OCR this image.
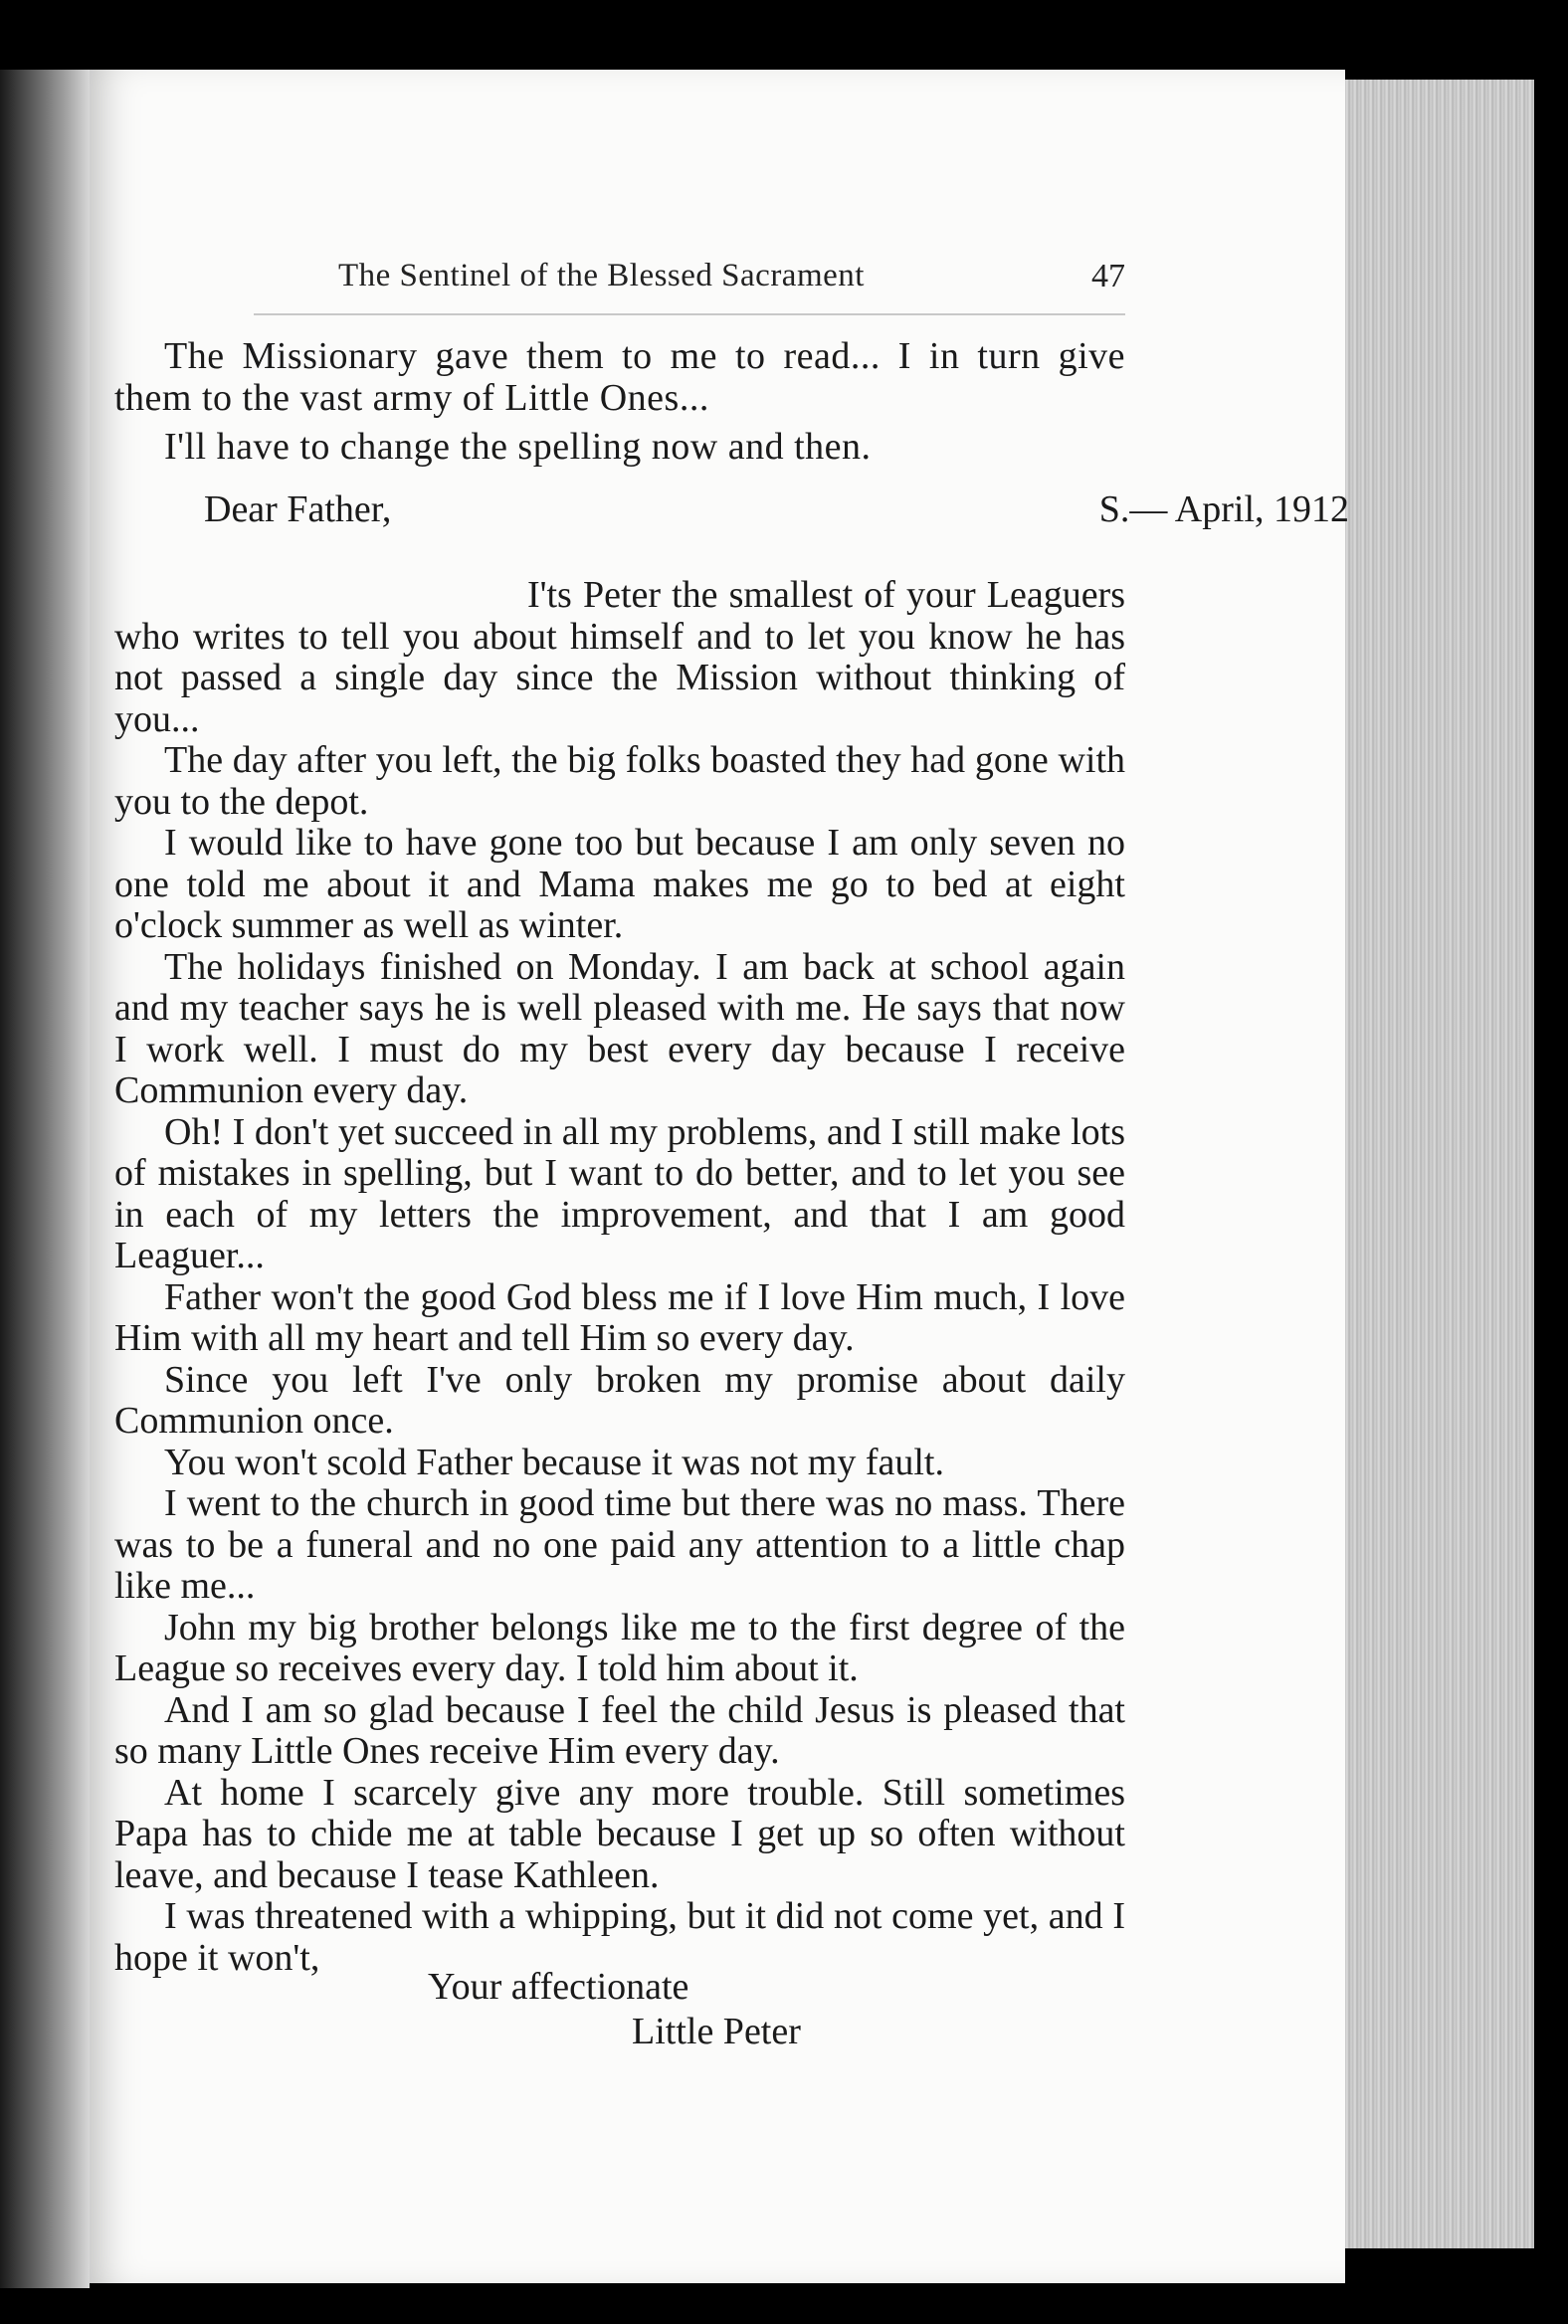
The Sentinel of the Blessed Sacrament	47

The Missionary gave them to me to read... I in turn give them to the vast army of Little Ones...

I'll have to change the spelling now and then.

Dear Father,	S.— April, 1912

I'ts Peter the smallest of your Leaguers who writes to tell you about himself and to let you know he has not passed a single day since the Mission without thinking of you...

The day after you left, the big folks boasted they had gone with you to the depot.

I would like to have gone too but because I am only seven no one told me about it and Mama makes me go to bed at eight o'clock summer as well as winter.

The holidays finished on Monday. I am back at school again and my teacher says he is well pleased with me. He says that now I work well. I must do my best every day because I receive Communion every day.

Oh! I don't yet succeed in all my problems, and I still make lots of mistakes in spelling, but I want to do better, and to let you see in each of my letters the improvement, and that I am good Leaguer...

Father won't the good God bless me if I love Him much, I love Him with all my heart and tell Him so every day.

Since you left I've only broken my promise about daily Communion once.

You won't scold Father because it was not my fault.

I went to the church in good time but there was no mass. There was to be a funeral and no one paid any attention to a little chap like me...

John my big brother belongs like me to the first degree of the League so receives every day. I told him about it.

And I am so glad because I feel the child Jesus is pleased that so many Little Ones receive Him every day.

At home I scarcely give any more trouble. Still sometimes Papa has to chide me at table because I get up so often without leave, and because I tease Kathleen.

I was threatened with a whipping, but it did not come yet, and I hope it won't,

Your affectionate
Little Peter
